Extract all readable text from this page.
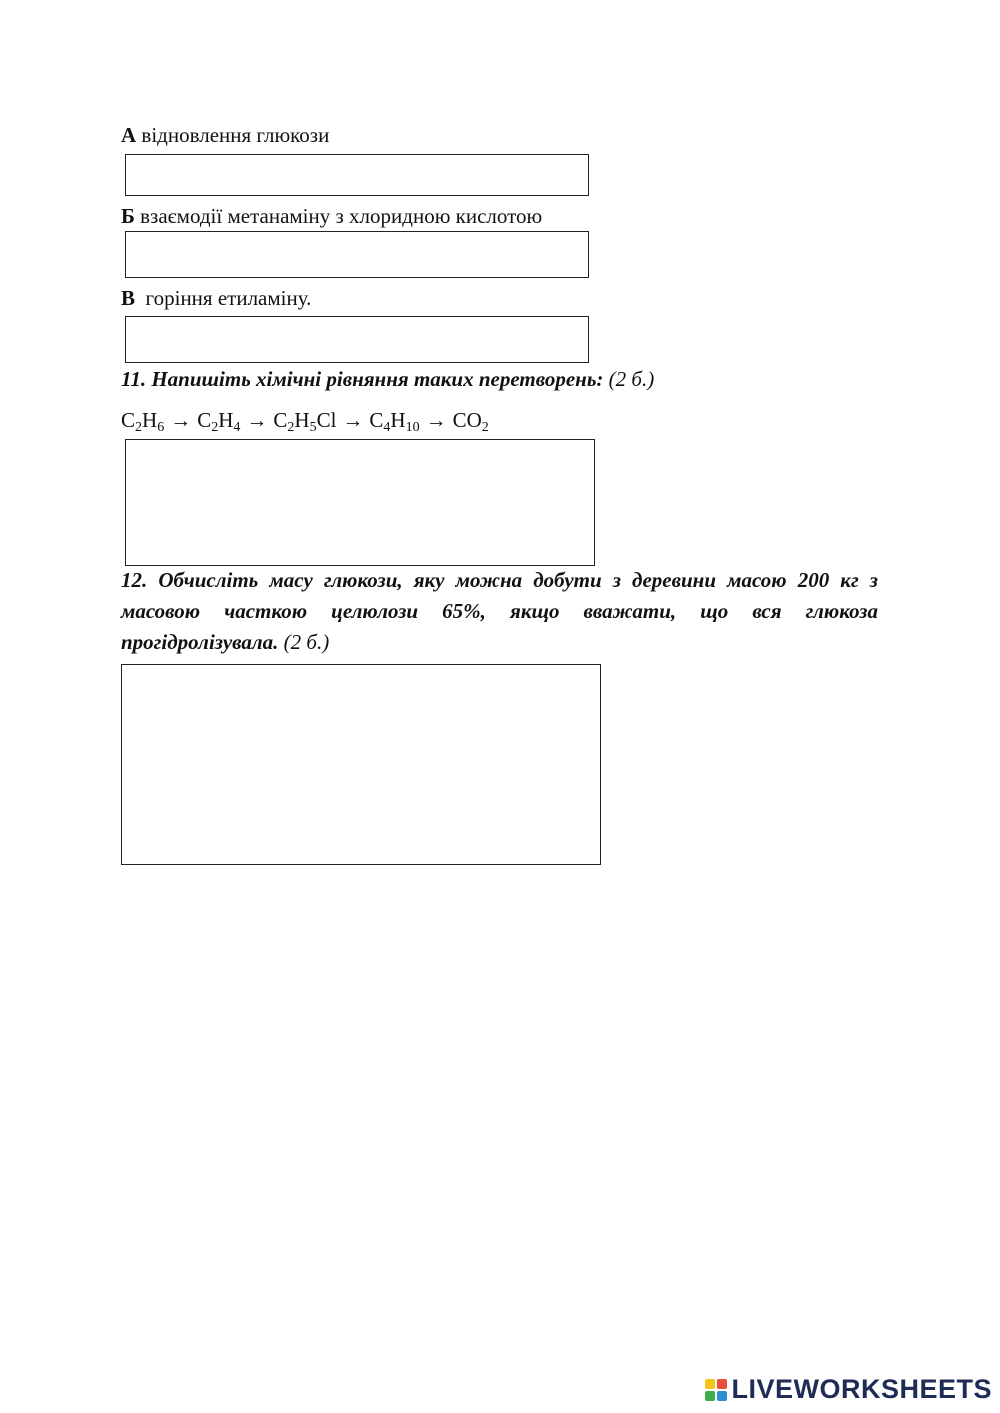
А відновлення глюкози
Б взаємодії метанаміну з хлоридною кислотою
В  горіння етиламіну.
11. Напишіть хімічні рівняння таких перетворень: (2 б.)
$C_2H_6 \to C_2H_4 \to C_2H_5Cl \to C_4H_{10} \to CO_2$
12. Обчисліть масу глюкози, яку можна добути з деревини масою 200 кг з масовою часткою целюлози 65%, якщо вважати, що вся глюкоза прогідролізувала. (2 б.)
LIVEWORKSHEETS
